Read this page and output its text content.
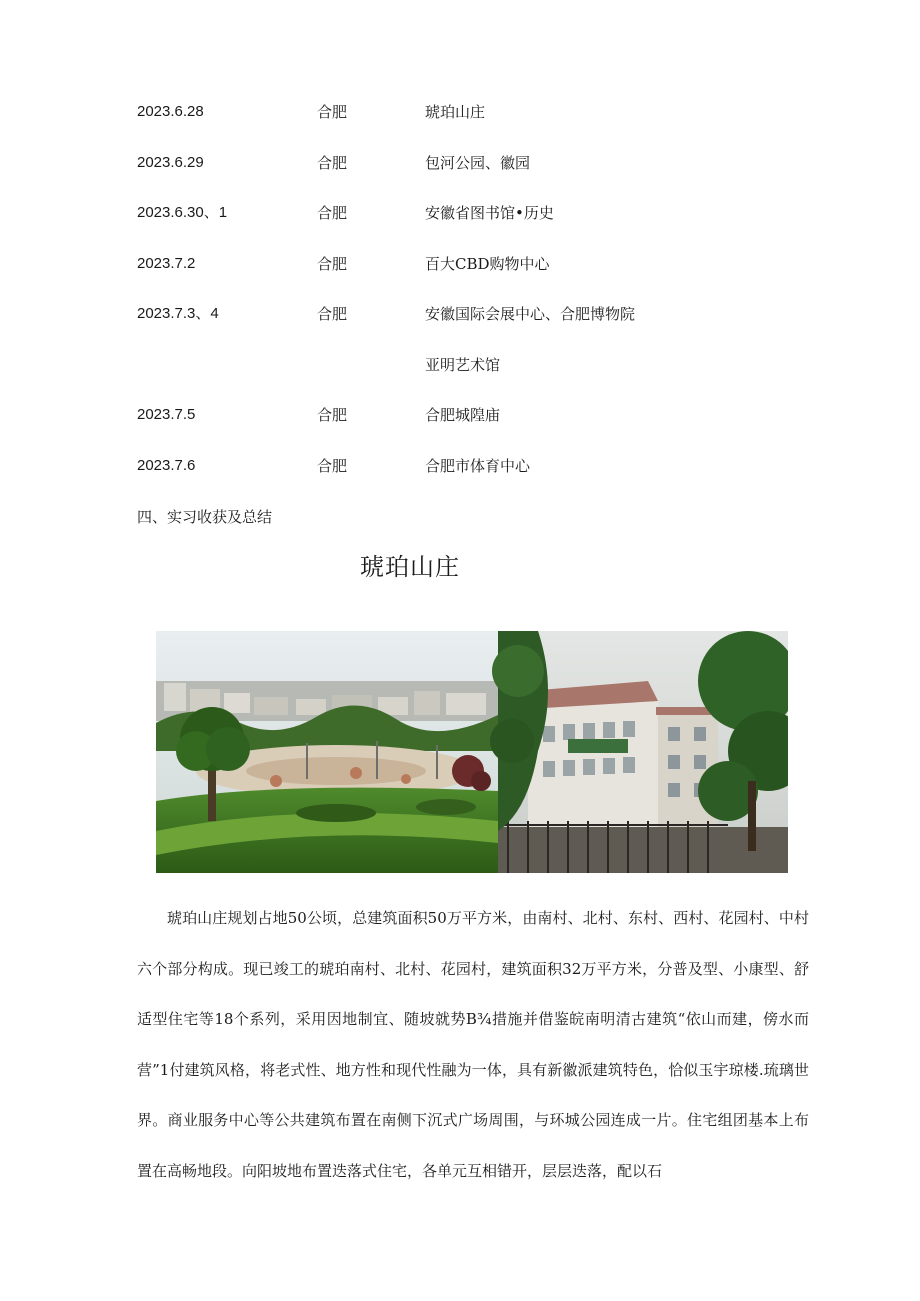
2023.6.28	合肥	琥珀山庄
2023.6.29	合肥	包河公园、徽园
2023.6.30、1	合肥	安徽省图书馆•历史
2023.7.2	合肥	百大CBD购物中心
2023.7.3、4	合肥	安徽国际会展中心、合肥博物院
亚明艺术馆
2023.7.5	合肥	合肥城隍庙
2023.7.6	合肥	合肥市体育中心
四、实习收获及总结
琥珀山庄

琥珀山庄规划占地50公顷，总建筑面积50万平方米，由南村、北村、东村、西村、花园村、中村六个部分构成。现已竣工的琥珀南村、北村、花园村，建筑面积32万平方米，分普及型、小康型、舒适型住宅等18个系列，采用因地制宜、随坡就势B¾措施并借鉴皖南明清古建筑“依山而建，傍水而营”1付建筑风格，将老式性、地方性和现代性融为一体，具有新徽派建筑特色，恰似玉宇琼楼.琉璃世界。商业服务中心等公共建筑布置在南侧下沉式广场周围，与环城公园连成一片。住宅组团基本上布置在高畅地段。向阳坡地布置迭落式住宅，各单元互相错开，层层迭落，配以石
